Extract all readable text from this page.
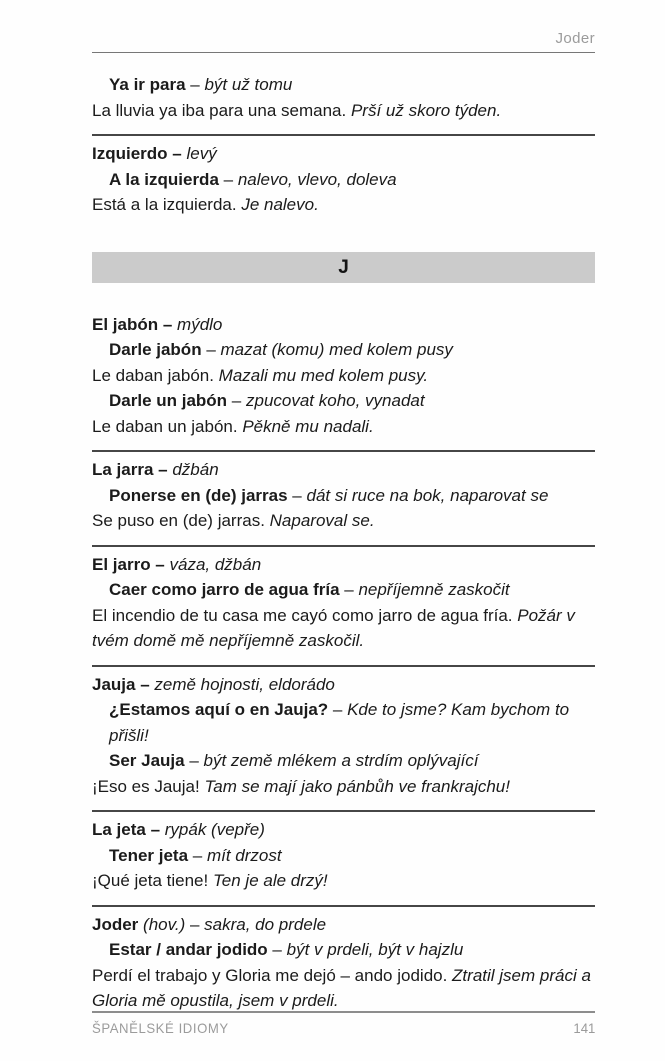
Joder

Ya ir para – být už tomu

La lluvia ya iba para una semana. Prší už skoro týden.

Izquierdo – levý

A la izquierda – nalevo, vlevo, doleva

Está a la izquierda. Je nalevo.

J

El jabón – mýdlo

Darle jabón – mazat (komu) med kolem pusy

Le daban jabón. Mazali mu med kolem pusy.

Darle un jabón – zpucovat koho, vynadat

Le daban un jabón. Pěkně mu nadali.

La jarra – džbán

Ponerse en (de) jarras – dát si ruce na bok, naparovat se

Se puso en (de) jarras. Naparoval se.

El jarro – váza, džbán

Caer como jarro de agua fría – nepříjemně zaskočit

El incendio de tu casa me cayó como jarro de agua fría. Požár v tvém domě mě nepříjemně zaskočil.

Jauja – země hojnosti, eldorádo

¿Estamos aquí o en Jauja? – Kde to jsme? Kam bychom to přišli!

Ser Jauja – být země mlékem a strdím oplývající

¡Eso es Jauja! Tam se mají jako pánbůh ve frankrajchu!

La jeta – rypák (vepře)

Tener jeta – mít drzost

¡Qué jeta tiene! Ten je ale drzý!

Joder (hov.) – sakra, do prdele

Estar / andar jodido – být v prdeli, být v hajzlu

Perdí el trabajo y Gloria me dejó – ando jodido. Ztratil jsem práci a Gloria mě opustila, jsem v prdeli.

ŠPANĚLSKÉ IDIOMY	141
